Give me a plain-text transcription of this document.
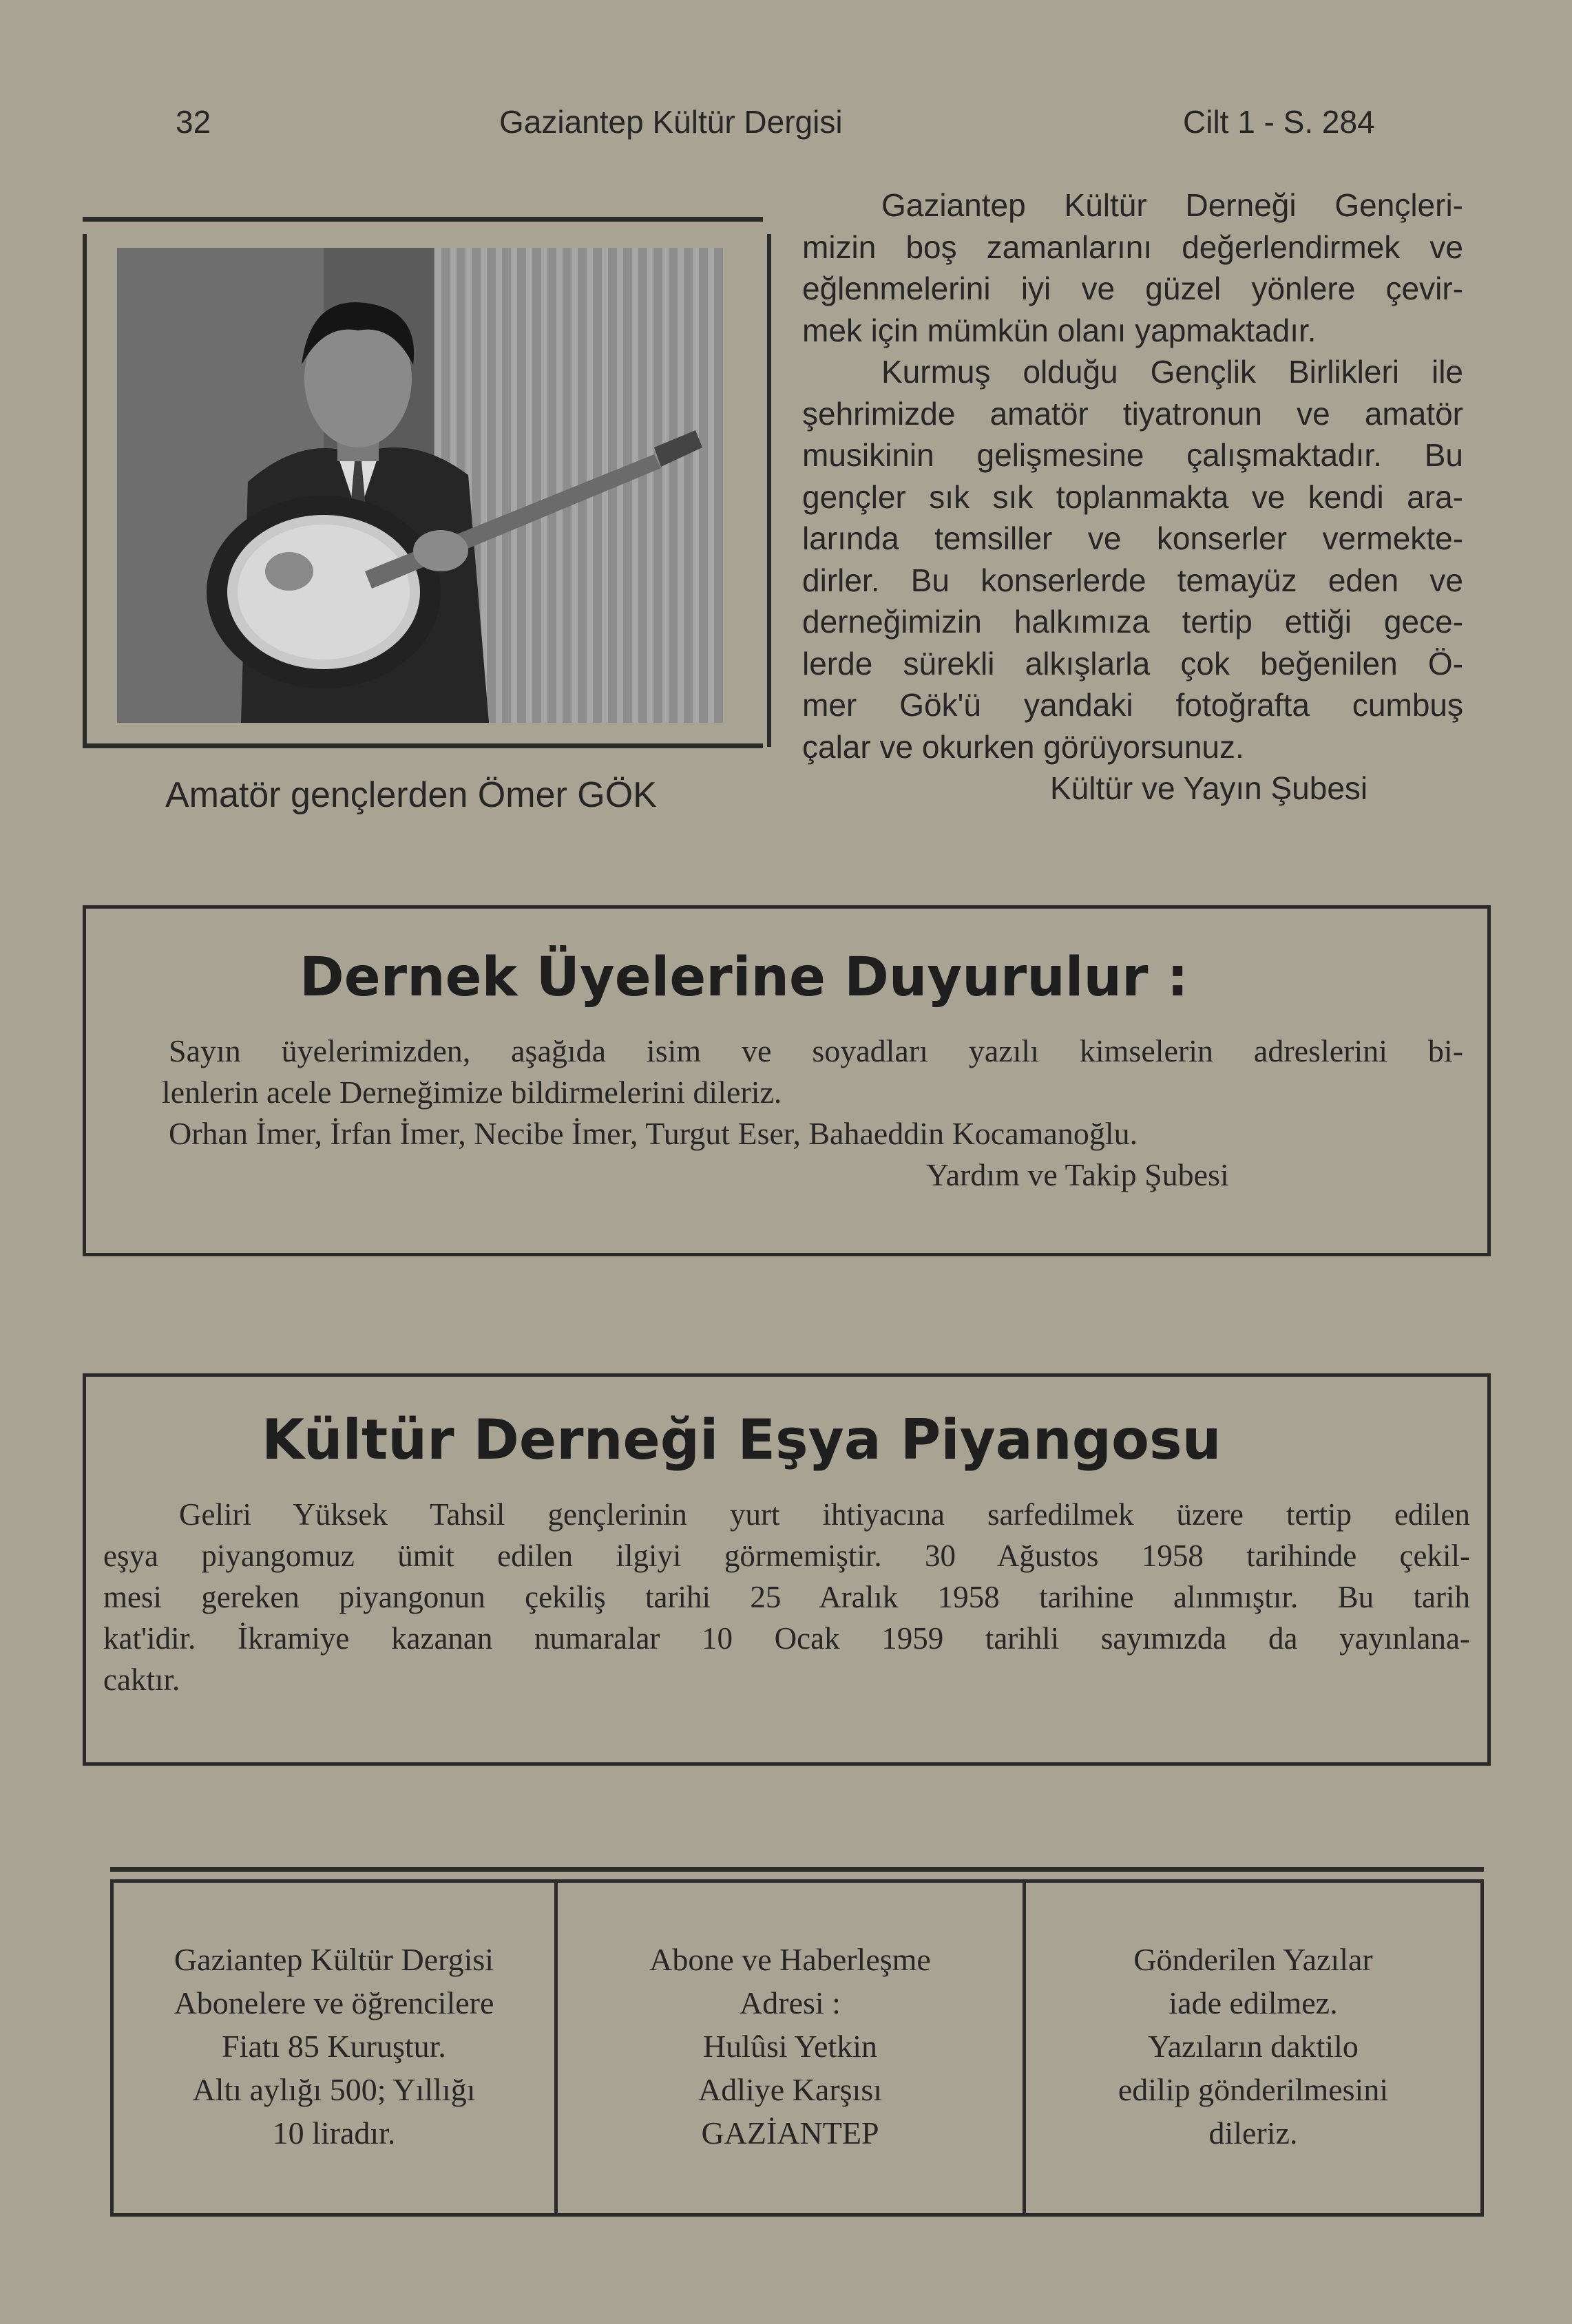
32	Gaziantep Kültür Dergisi	Cilt 1 - S. 284
Amatör gençlerden Ömer GÖK
Gaziantep Kültür Derneği Gençleri-
mizin boş zamanlarını değerlendirmek ve
eğlenmelerini iyi ve güzel yönlere çevir-
mek için mümkün olanı yapmaktadır.
Kurmuş olduğu Gençlik Birlikleri ile
şehrimizde amatör tiyatronun ve amatör
musikinin gelişmesine çalışmaktadır. Bu
gençler sık sık toplanmakta ve kendi ara-
larında temsiller ve konserler vermekte-
dirler. Bu konserlerde temayüz eden ve
derneğimizin halkımıza tertip ettiği gece-
lerde sürekli alkışlarla çok beğenilen Ö-
mer Gök'ü yandaki fotoğrafta cumbuş
çalar ve okurken görüyorsunuz.
Kültür ve Yayın Şubesi
Dernek Üyelerine Duyurulur :
Sayın üyelerimizden, aşağıda isim ve soyadları yazılı kimselerin adreslerini bi-
lenlerin acele Derneğimize bildirmelerini dileriz.
Orhan İmer, İrfan İmer, Necibe İmer, Turgut Eser, Bahaeddin Kocamanoğlu.
Yardım ve Takip Şubesi
Kültür Derneği Eşya Piyangosu
Geliri Yüksek Tahsil gençlerinin yurt ihtiyacına sarfedilmek üzere tertip edilen
eşya piyangomuz ümit edilen ilgiyi görmemiştir. 30 Ağustos 1958 tarihinde çekil-
mesi gereken piyangonun çekiliş tarihi 25 Aralık 1958 tarihine alınmıştır. Bu tarih
kat'idir. İkramiye kazanan numaralar 10 Ocak 1959 tarihli sayımızda da yayınlana-
caktır.
Gaziantep Kültür Dergisi
Abonelere ve öğrencilere
Fiatı 85 Kuruştur.
Altı aylığı 500; Yıllığı
10 liradır.
Abone ve Haberleşme
Adresi :
Hulûsi Yetkin
Adliye Karşısı
GAZİANTEP
Gönderilen Yazılar
iade edilmez.
Yazıların daktilo
edilip gönderilmesini
dileriz.
